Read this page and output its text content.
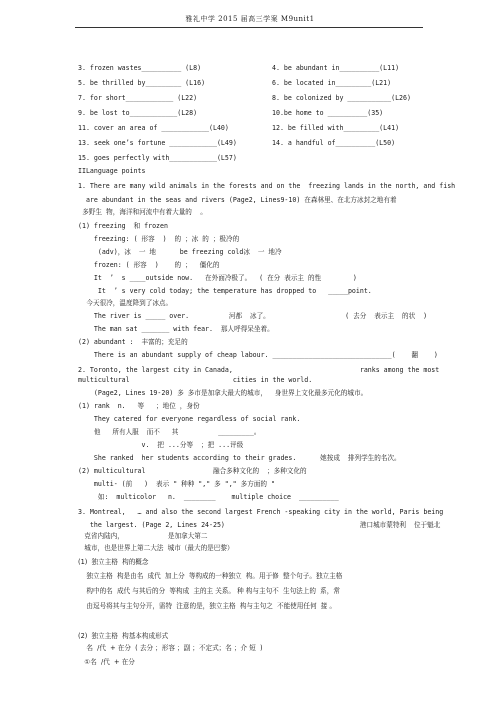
雅礼中学 2015 届高三学案 M9unit1
3. frozen wastes__________ (L8)	4. be abundant in__________(L11)
5. be thrilled by_________ (L16)	6. be located in_________(L21)
7. for short____________ (L22)	8. be colonized by ___________(L26)
9. be lost to____________(L28)	10.be home to __________(35)
11. cover an area of ____________(L40)	12. be filled with_________(L41)
13. seek one’s fortune ____________(L49)	14. a handful of__________(L50)
15. goes perfectly with____________(L57)
IILanguage points
1. There are many wild animals in the forests and on the  freezing lands in the north, and fish
are abundant in the seas and rivers (Page2, Lines9-10) 在森林里、在北方冰封之地有着
多野生  物，海洋和河流中有着大量的    。
(1) freezing  和 frozen
freezing: ( 形容  )  的 ；冰 的 ；极冷的
(adv)，冰  一 地      be freezing cold冰  一 地冷
frozen: ( 形容  )    的 ；  僵化的
It  ’  s ____outside now.   在外面冷极了。  ( 在分 表示主 的性        )
It  ’ s very cold today; the temperature has dropped to   _____point.
今天很冷，温度降到了冰点。
The river is _____ over.          河都  冰了。                   ( 去分  表示主  的状  )
The man sat _______ with fear.  那人呼得呆坐着。
(2) abundant :  丰富的；充足的
There is an abundant supply of cheap labour. ______________________________(    翻    )
2. Toronto, the largest city in Canada,                                ranks among the most
multicultural                          cities in the world.
(Page2, Lines 19-20) 多 多市是加拿大最大的城市，  身世界上文化最多元化的城市。
(1) rank  n.   等   ；地位 ，身份
They catered for everyone regardless of social rank.
他   所有人服  而不   其          _________。
v.  把 ...分等  ；把 ...评级
She ranked  her students according to their grades.      她按成  排列学生的名次。
(2) multicultural                 融合多种文化的  ；多种文化的
multi- (前   )  表示 " 种种 "," 多 "," 多方面的 "
如:  multicolor   n.  ________    multiple choice  __________
3. Montreal,   … and also the second largest French -speaking city in the world, Paris being
the largest. (Page 2, Lines 24-25)                                  港口城市蒙特利  位于魁北
克省内陆内，                     是加拿大第二
城市，也是世界上第二大法  城市（最大的是巴黎）
(1)  独立主格  构的概念
独立主格  构是由名  成代  加上分  等构成的一种独立  构。用于修  整个句子。独立主格
构中的名  成代 与其后的分  等构成  主的主 关系。 种 构与主句不  生句法上的  系，常
由逗号将其与主句分开，需特  注意的是，独立主格  构与主句之  不能使用任何  接 。
(2)  独立主格  构基本构成形式
名  /代  + 在分  ( 去分 ；形容 ；副 ；不定式；名 ；介 短  )
①名  /代  + 在分
